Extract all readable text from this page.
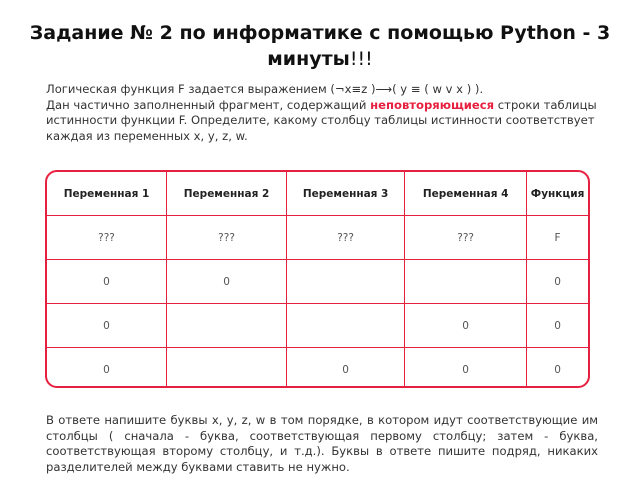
Задание № 2 по информатике с помощью Python - 3 минуты!!!
Логическая функция F задается выражением (¬x≡z )⟶( y ≡ ( w v x ) ).
Дан частично заполненный фрагмент, содержащий неповторяющиеся строки таблицы истинности функции F. Определите, какому столбцу таблицы истинности соответствует каждая из переменных x, y, z, w.
Переменная 1	Переменная 2	Переменная 3	Переменная 4	Функция
???	???	???	???	F
0	0			0
0			0	0
0		0	0	0
В ответе напишите буквы x, y, z, w в том порядке, в котором идут соответствующие им столбцы ( сначала - буква, соответствующая первому столбцу; затем - буква, соответствующая второму столбцу, и т.д.). Буквы в ответе пишите подряд, никаких разделителей между буквами ставить не нужно.
